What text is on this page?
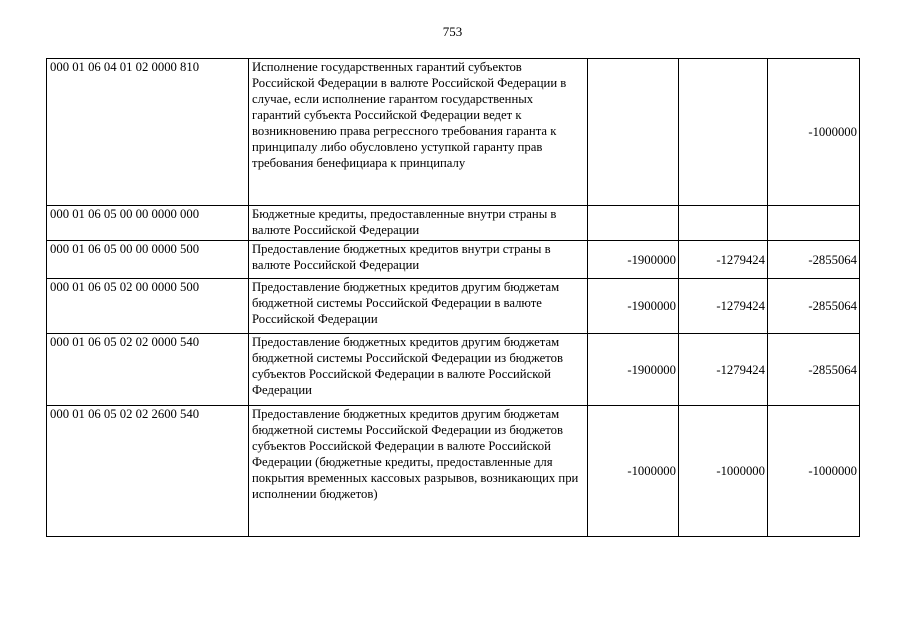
753
000 01 06 04 01 02 0000 810	Исполнение государственных гарантий субъектов Российской Федерации в валюте Российской Федерации в случае, если исполнение гарантом государственных гарантий субъекта Российской Федерации ведет к возникновению права регрессного требования гаранта к принципалу либо обусловлено уступкой гаранту прав требования бенефициара к принципалу			-1000000
000 01 06 05 00 00 0000 000	Бюджетные кредиты, предоставленные внутри страны в валюте Российской Федерации			
000 01 06 05 00 00 0000 500	Предоставление бюджетных кредитов внутри страны в валюте Российской Федерации	-1900000	-1279424	-2855064
000 01 06 05 02 00 0000 500	Предоставление бюджетных кредитов другим бюджетам бюджетной системы Российской Федерации в валюте Российской Федерации	-1900000	-1279424	-2855064
000 01 06 05 02 02 0000 540	Предоставление бюджетных кредитов другим бюджетам бюджетной системы Российской Федерации из бюджетов субъектов Российской Федерации в валюте Российской Федерации	-1900000	-1279424	-2855064
000 01 06 05 02 02 2600 540	Предоставление бюджетных кредитов другим бюджетам бюджетной системы Российской Федерации из бюджетов субъектов Российской Федерации в валюте Российской Федерации (бюджетные кредиты, предоставленные для покрытия временных кассовых разрывов, возникающих при исполнении бюджетов)	-1000000	-1000000	-1000000
